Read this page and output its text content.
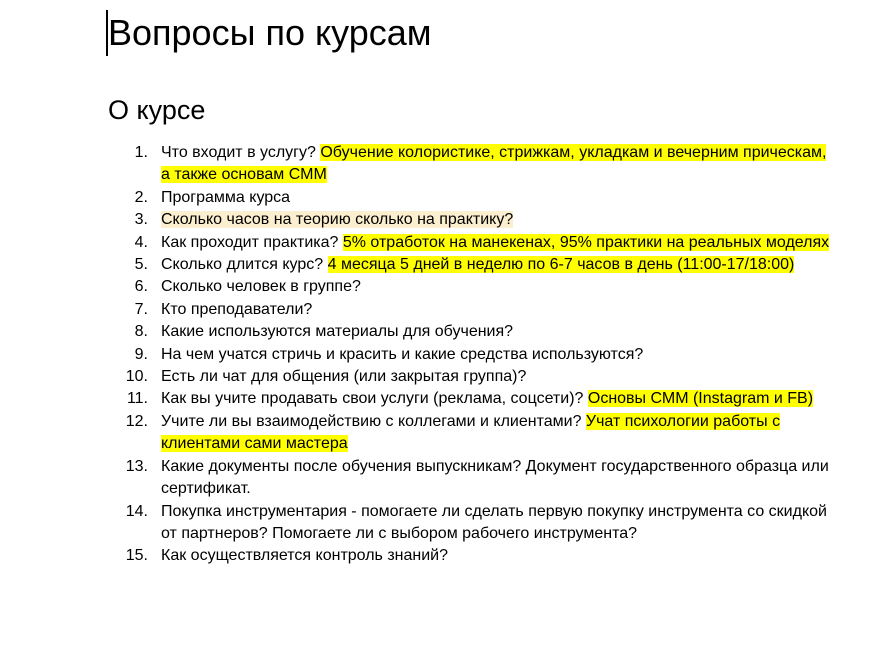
Вопросы по курсам
О курсе
1. Что входит в услугу? Обучение колористике, стрижкам, укладкам и вечерним прическам, а также основам СММ
2. Программа курса
3. Сколько часов на теорию сколько на практику?
4. Как проходит практика? 5% отработок на манекенах, 95% практики на реальных моделях
5. Сколько длится курс? 4 месяца 5 дней в неделю по 6-7 часов в день (11:00-17/18:00)
6. Сколько человек в группе?
7. Кто преподаватели?
8. Какие используются материалы для обучения?
9. На чем учатся стричь и красить и какие средства используются?
10. Есть ли чат для общения (или закрытая группа)?
11. Как вы учите продавать свои услуги (реклама, соцсети)? Основы СММ (Instagram и FB)
12. Учите ли вы взаимодействию с коллегами и клиентами? Учат психологии работы с клиентами сами мастера
13. Какие документы после обучения выпускникам? Документ государственного образца или сертификат.
14. Покупка инструментария - помогаете ли сделать первую покупку инструмента со скидкой от партнеров? Помогаете ли с выбором рабочего инструмента?
15. Как осуществляется контроль знаний?
